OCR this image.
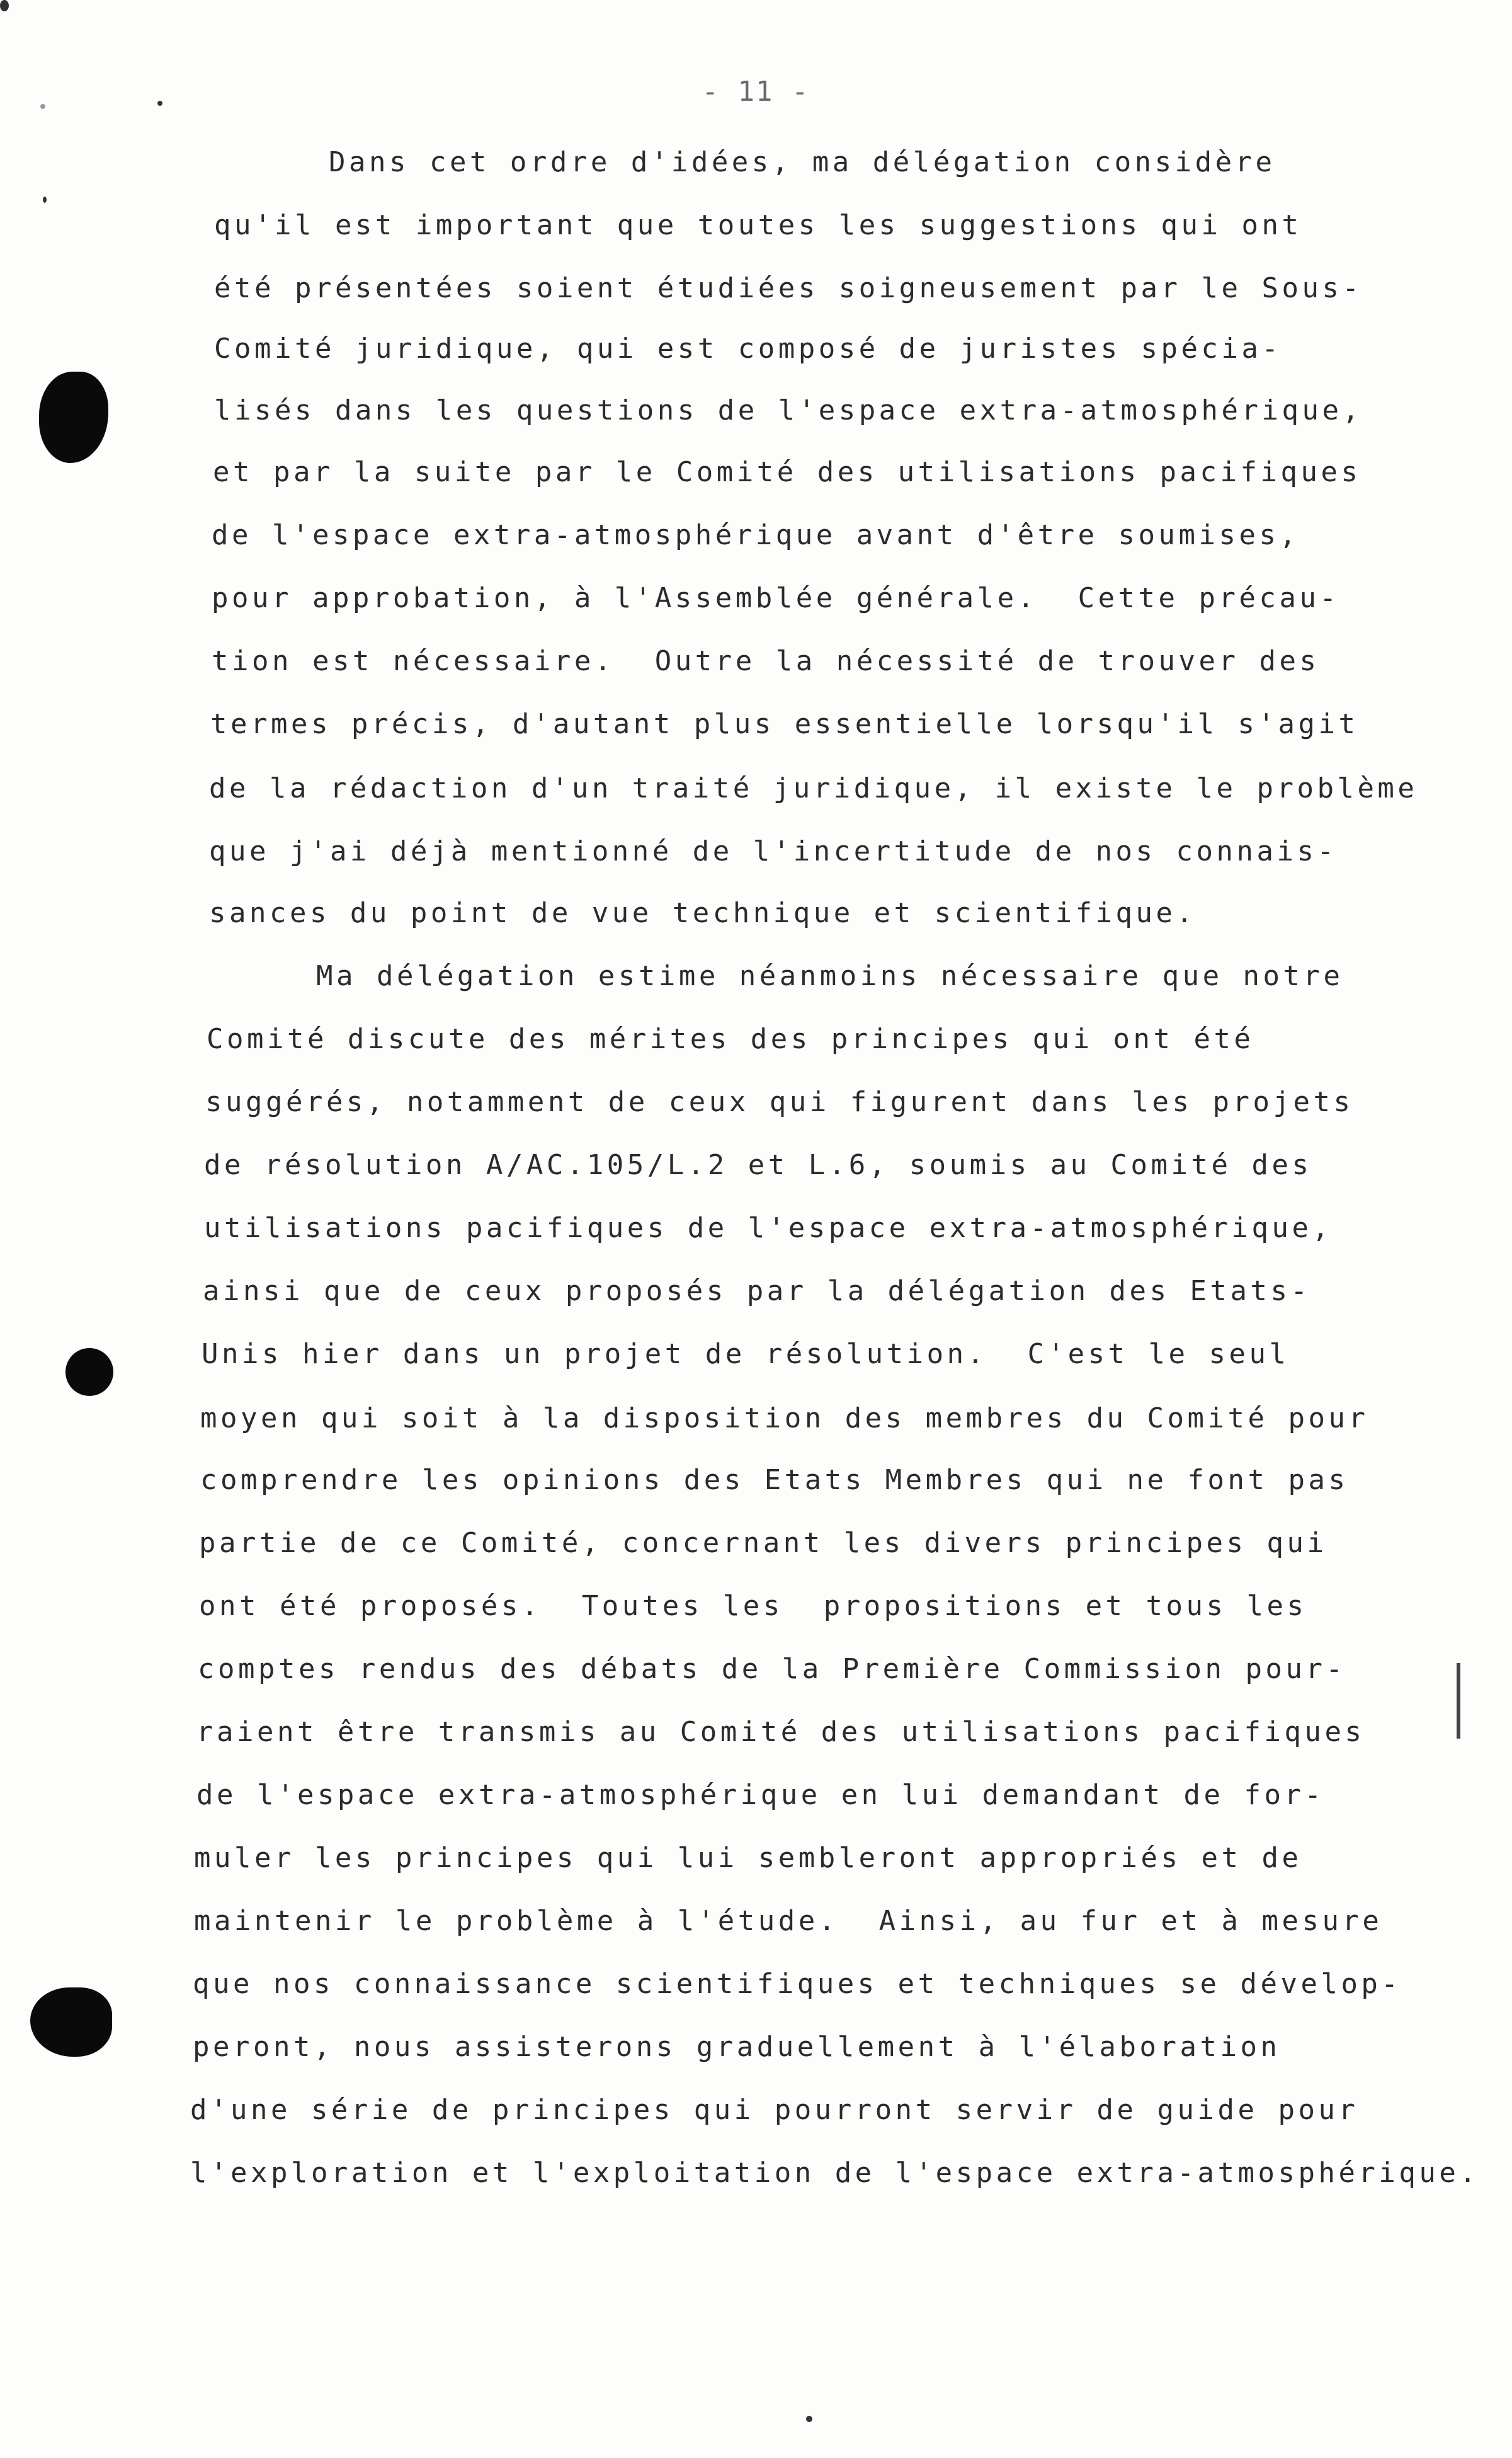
- 11 -
Dans cet ordre d'idées, ma délégation considère
qu'il est important que toutes les suggestions qui ont
été présentées soient étudiées soigneusement par le Sous-
Comité juridique, qui est composé de juristes spécia-
lisés dans les questions de l'espace extra-atmosphérique,
et par la suite par le Comité des utilisations pacifiques
de l'espace extra-atmosphérique avant d'être soumises,
pour approbation, à l'Assemblée générale.  Cette précau-
tion est nécessaire.  Outre la nécessité de trouver des
termes précis, d'autant plus essentielle lorsqu'il s'agit
de la rédaction d'un traité juridique, il existe le problème
que j'ai déjà mentionné de l'incertitude de nos connais-
sances du point de vue technique et scientifique.
Ma délégation estime néanmoins nécessaire que notre
Comité discute des mérites des principes qui ont été
suggérés, notamment de ceux qui figurent dans les projets
de résolution A/AC.105/L.2 et L.6, soumis au Comité des
utilisations pacifiques de l'espace extra-atmosphérique,
ainsi que de ceux proposés par la délégation des Etats-
Unis hier dans un projet de résolution.  C'est le seul
moyen qui soit à la disposition des membres du Comité pour
comprendre les opinions des Etats Membres qui ne font pas
partie de ce Comité, concernant les divers principes qui
ont été proposés.  Toutes les  propositions et tous les
comptes rendus des débats de la Première Commission pour-
raient être transmis au Comité des utilisations pacifiques
de l'espace extra-atmosphérique en lui demandant de for-
muler les principes qui lui sembleront appropriés et de
maintenir le problème à l'étude.  Ainsi, au fur et à mesure
que nos connaissance scientifiques et techniques se dévelop-
peront, nous assisterons graduellement à l'élaboration
d'une série de principes qui pourront servir de guide pour
l'exploration et l'exploitation de l'espace extra-atmosphérique.
